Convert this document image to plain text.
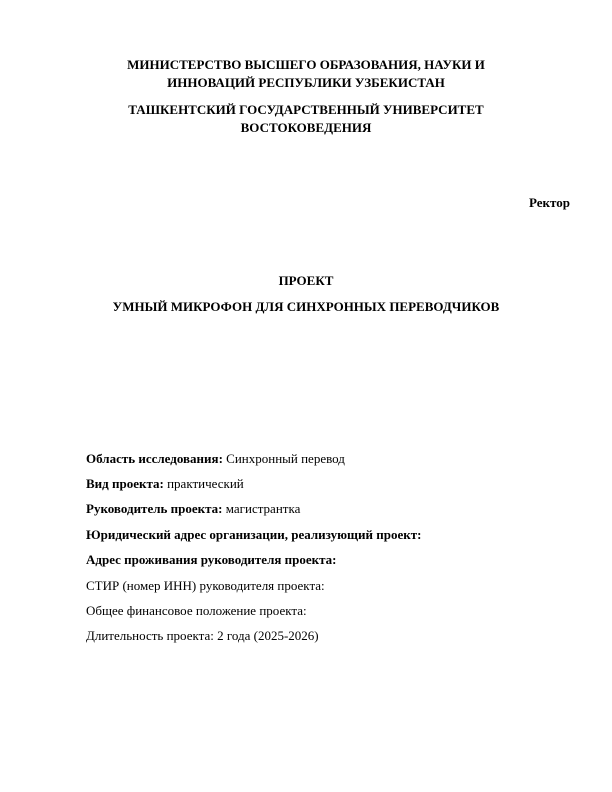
МИНИСТЕРСТВО ВЫСШЕГО ОБРАЗОВАНИЯ, НАУКИ И
ИННОВАЦИЙ РЕСПУБЛИКИ УЗБЕКИСТАН
ТАШКЕНТСКИЙ ГОСУДАРСТВЕННЫЙ УНИВЕРСИТЕТ
ВОСТОКОВЕДЕНИЯ
Ректор
ПРОЕКТ
УМНЫЙ МИКРОФОН ДЛЯ СИНХРОННЫХ ПЕРЕВОДЧИКОВ
Область исследования: Синхронный перевод
Вид проекта: практический
Руководитель проекта: магистрантка
Юридический адрес организации, реализующий проект:
Адрес проживания руководителя проекта:
СТИР (номер ИНН) руководителя проекта:
Общее финансовое положение проекта:
Длительность проекта: 2 года (2025-2026)
